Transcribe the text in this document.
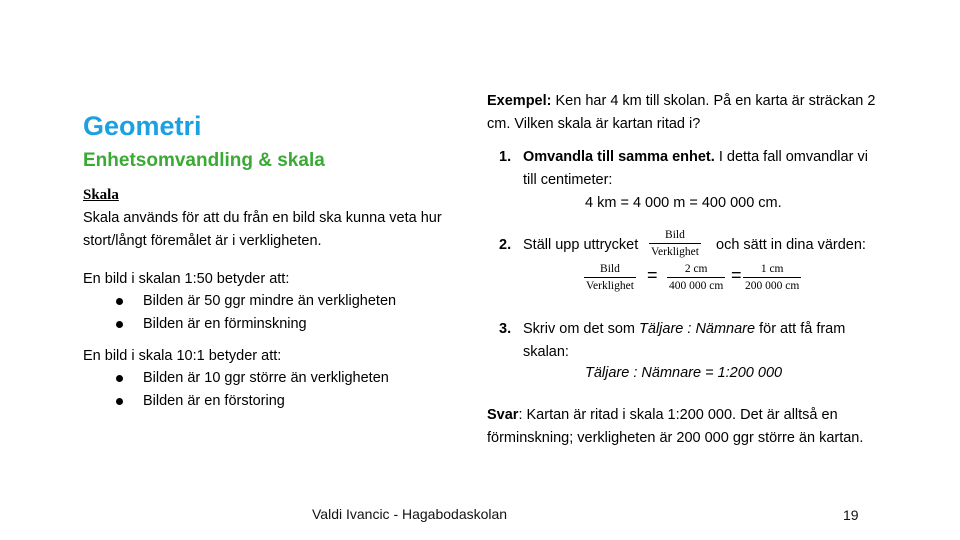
Geometri
Enhetsomvandling & skala
Skala
Skala används för att du från en bild ska kunna veta hur stort/långt föremålet är i verkligheten.
En bild i skalan 1:50 betyder att:
Bilden är 50 ggr mindre än verkligheten
Bilden är en förminskning
En bild i skala 10:1 betyder att:
Bilden är 10 ggr större än verkligheten
Bilden är en förstoring
Exempel: Ken har 4 km till skolan. På en karta är sträckan 2 cm. Vilken skala är kartan ritad i?
1. Omvandla till samma enhet. I detta fall omvandlar vi till centimeter:
4 km = 4 000 m = 400 000 cm.
2. Ställ upp uttrycket
Bild
Verklighet och sätt in dina värden:
Bild
Verklighet
= 2 cm
400 000 cm
= 1 cm
200 000 cm
3. Skriv om det som Täljare : Nämnare för att få fram skalan:
Täljare : Nämnare = 1:200 000
Svar: Kartan är ritad i skala 1:200 000. Det är alltså en förminskning; verkligheten är 200 000 ggr större än kartan.
Valdi Ivancic - Hagabodaskolan	19
